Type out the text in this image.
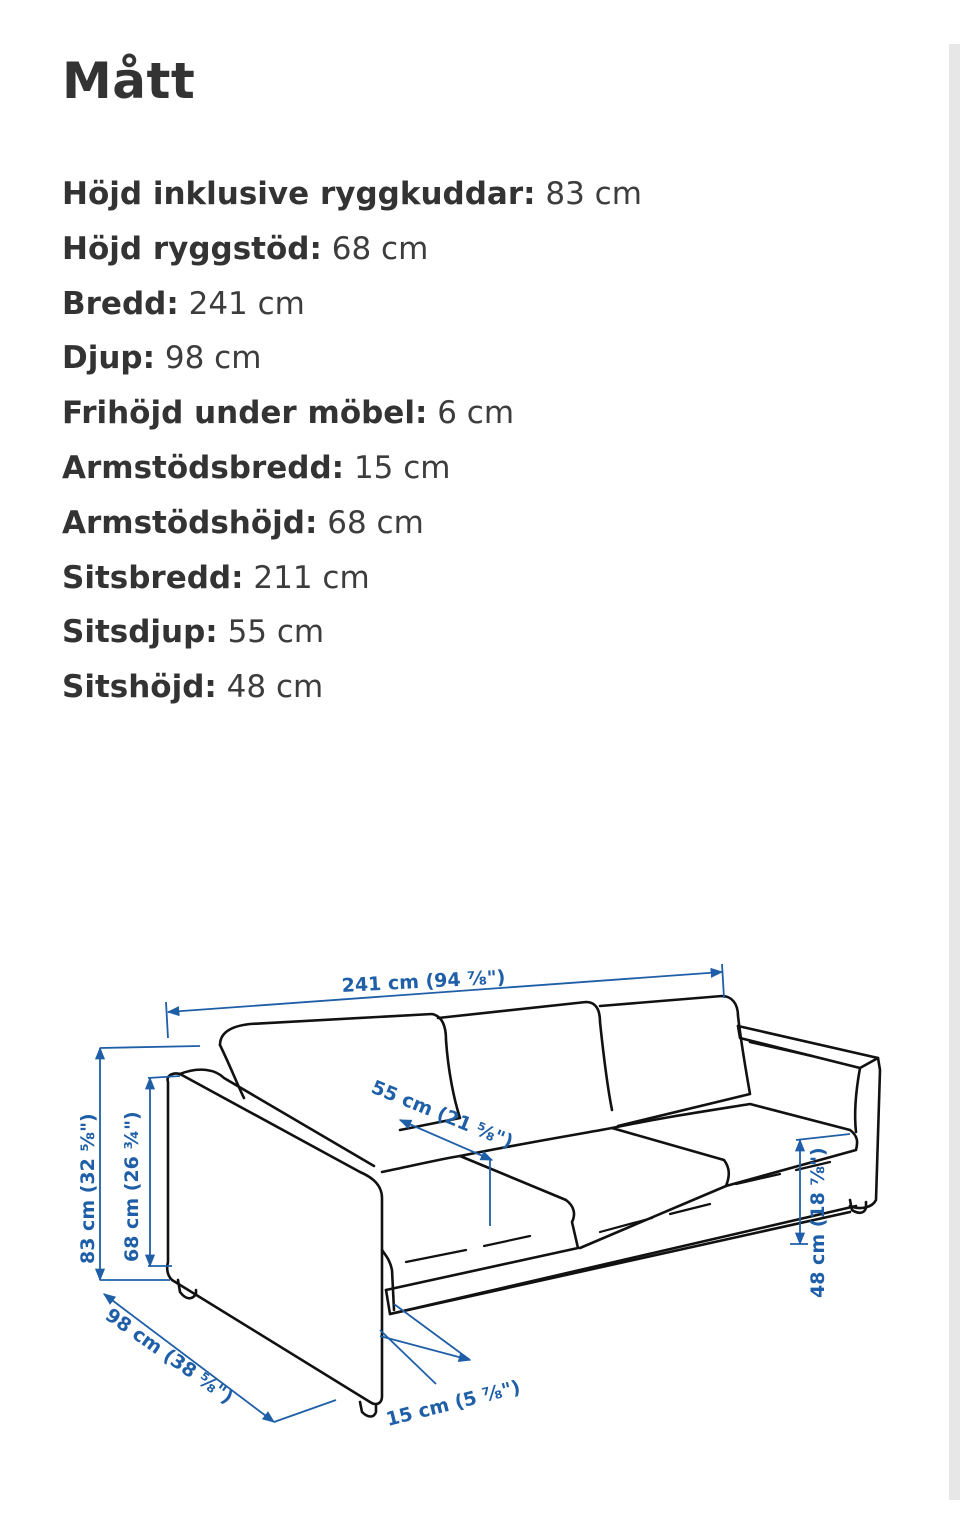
Mått
Höjd inklusive ryggkuddar: 83 cm
Höjd ryggstöd: 68 cm
Bredd: 241 cm
Djup: 98 cm
Frihöjd under möbel: 6 cm
Armstödsbredd: 15 cm
Armstödshöjd: 68 cm
Sitsbredd: 211 cm
Sitsdjup: 55 cm
Sitshöjd: 48 cm
241 cm (94 ⅞")
55 cm (21 ⅝")
83 cm (32 ⅝") 68 cm (26 ¾")	48 cm (18 ⅞")
98 cm (38 ⅝")	15 cm (5 ⅞")
